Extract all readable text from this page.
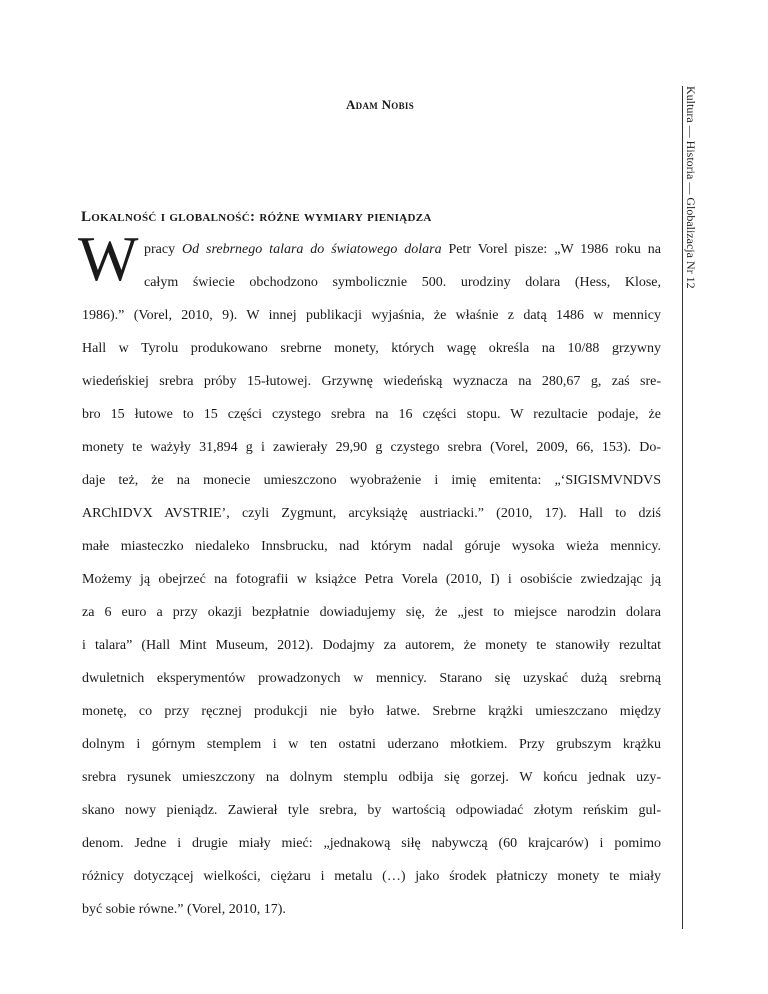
Adam Nobis	Kultura — Historia — Globalizacja Nr 12
Lokalność i globalność: różne wymiary pieniądza
W pracy Od srebrnego talara do światowego dolara Petr Vorel pisze: „W 1986 roku na
całym świecie obchodzono symbolicznie 500. urodziny dolara (Hess, Klose,
1986).” (Vorel, 2010, 9). W innej publikacji wyjaśnia, że właśnie z datą 1486 w mennicy
Hall w Tyrolu produkowano srebrne monety, których wagę określa na 10/88 grzywny
wiedeńskiej srebra próby 15-łutowej. Grzywnę wiedeńską wyznacza na 280,67 g, zaś sre-
bro 15 łutowe to 15 części czystego srebra na 16 części stopu. W rezultacie podaje, że
monety te ważyły 31,894 g i zawierały 29,90 g czystego srebra (Vorel, 2009, 66, 153). Do-
daje też, że na monecie umieszczono wyobrażenie i imię emitenta: „‘SIGISMVNDVS
ARChIDVX AVSTRIE’, czyli Zygmunt, arcyksiążę austriacki.” (2010, 17). Hall to dziś
małe miasteczko niedaleko Innsbrucku, nad którym nadal góruje wysoka wieża mennicy.
Możemy ją obejrzeć na fotografii w książce Petra Vorela (2010, I) i osobiście zwiedzając ją
za 6 euro a przy okazji bezpłatnie dowiadujemy się, że „jest to miejsce narodzin dolara
i talara” (Hall Mint Museum, 2012). Dodajmy za autorem, że monety te stanowiły rezultat
dwuletnich eksperymentów prowadzonych w mennicy. Starano się uzyskać dużą srebrną
monetę, co przy ręcznej produkcji nie było łatwe. Srebrne krążki umieszczano między
dolnym i górnym stemplem i w ten ostatni uderzano młotkiem. Przy grubszym krążku
srebra rysunek umieszczony na dolnym stemplu odbija się gorzej. W końcu jednak uzy-
skano nowy pieniądz. Zawierał tyle srebra, by wartością odpowiadać złotym reńskim gul-
denom. Jedne i drugie miały mieć: „jednakową siłę nabywczą (60 krajcarów) i pomimo
różnicy dotyczącej wielkości, ciężaru i metalu (…) jako środek płatniczy monety te miały
być sobie równe.” (Vorel, 2010, 17).
